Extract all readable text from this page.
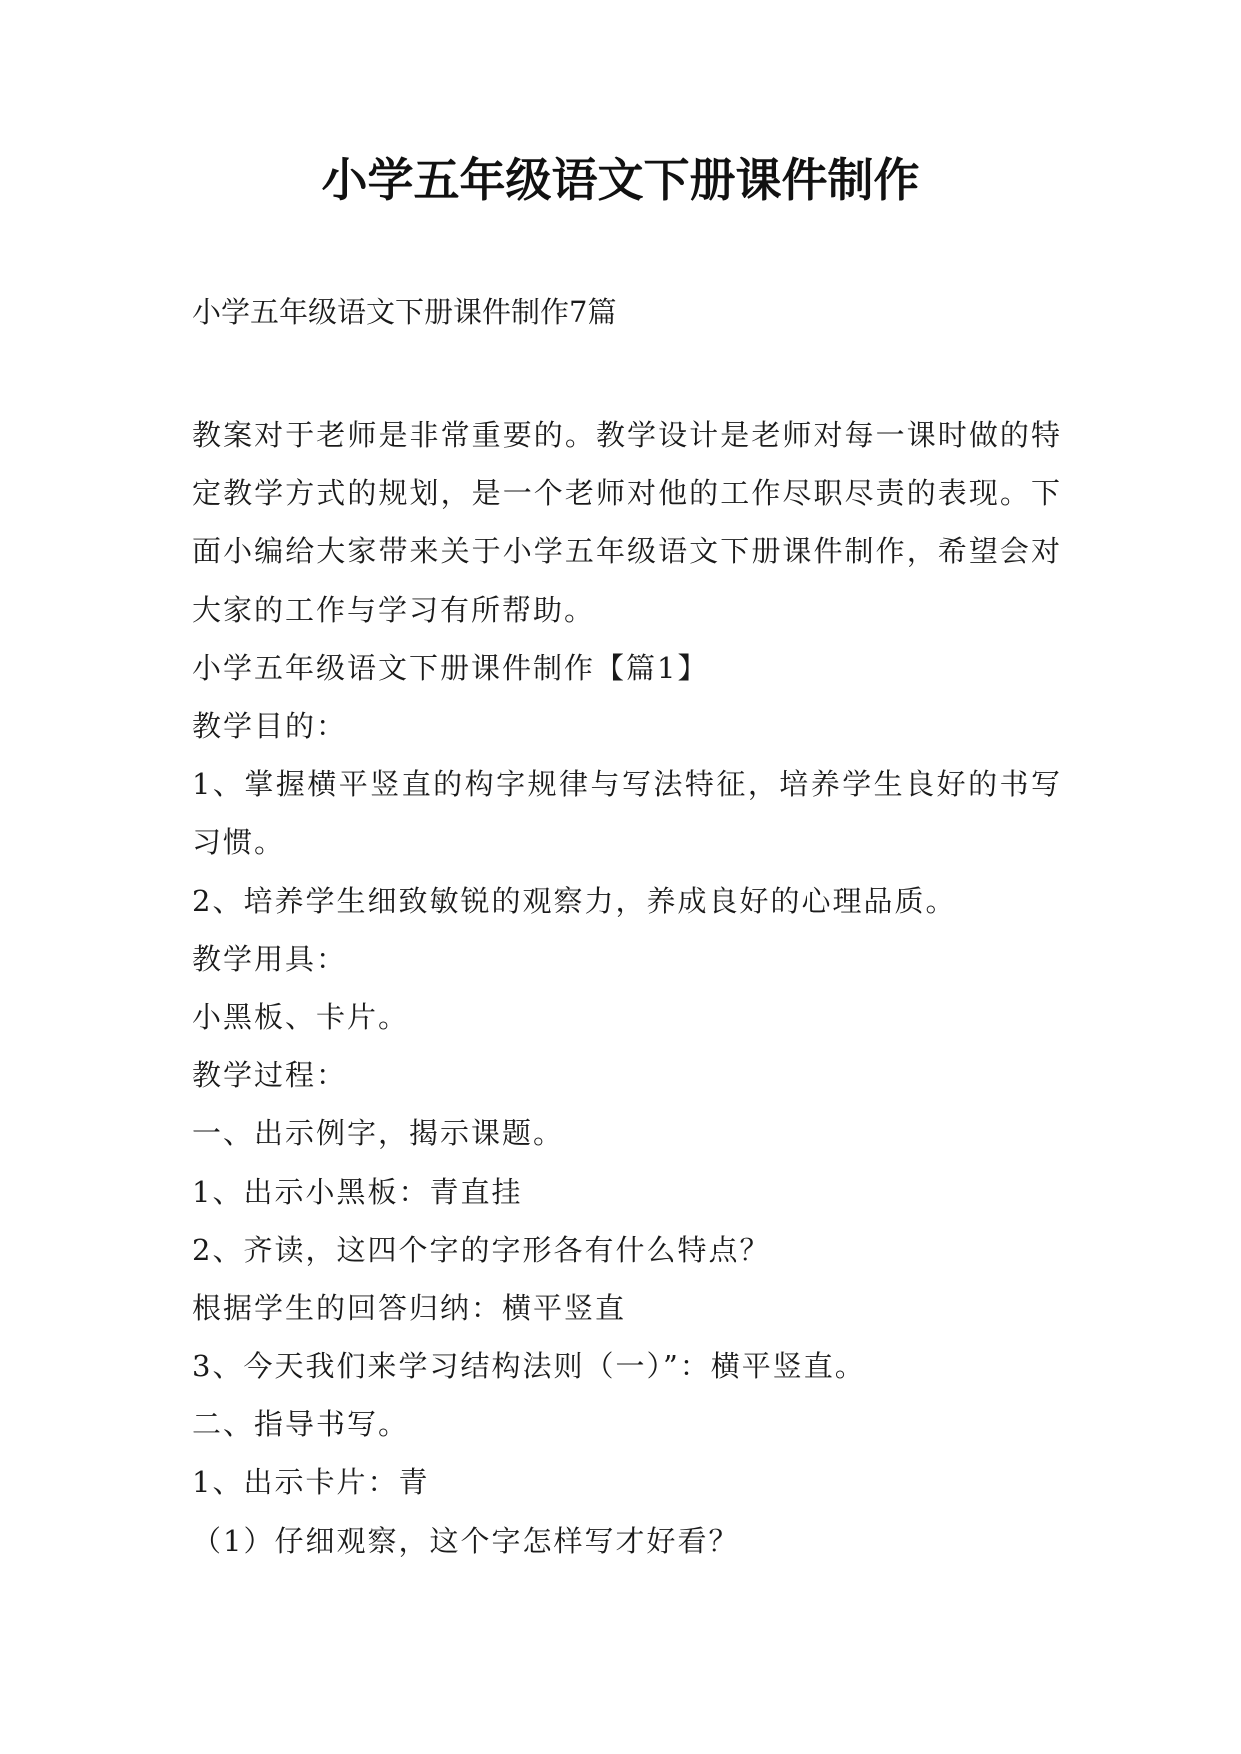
小学五年级语文下册课件制作

小学五年级语文下册课件制作7篇

教案对于老师是非常重要的。教学设计是老师对每一课时做的特定教学方式的规划，是一个老师对他的工作尽职尽责的表现。下面小编给大家带来关于小学五年级语文下册课件制作，希望会对大家的工作与学习有所帮助。

小学五年级语文下册课件制作【篇1】

教学目的：

1、掌握横平竖直的构字规律与写法特征，培养学生良好的书写习惯。

2、培养学生细致敏锐的观察力，养成良好的心理品质。

教学用具：

小黑板、卡片。

教学过程：

一、出示例字，揭示课题。

1、出示小黑板：青直挂

2、齐读，这四个字的字形各有什么特点？

根据学生的回答归纳：横平竖直

3、今天我们来学习结构法则（一）”：横平竖直。

二、指导书写。

1、出示卡片：青

（1）仔细观察，这个字怎样写才好看？
